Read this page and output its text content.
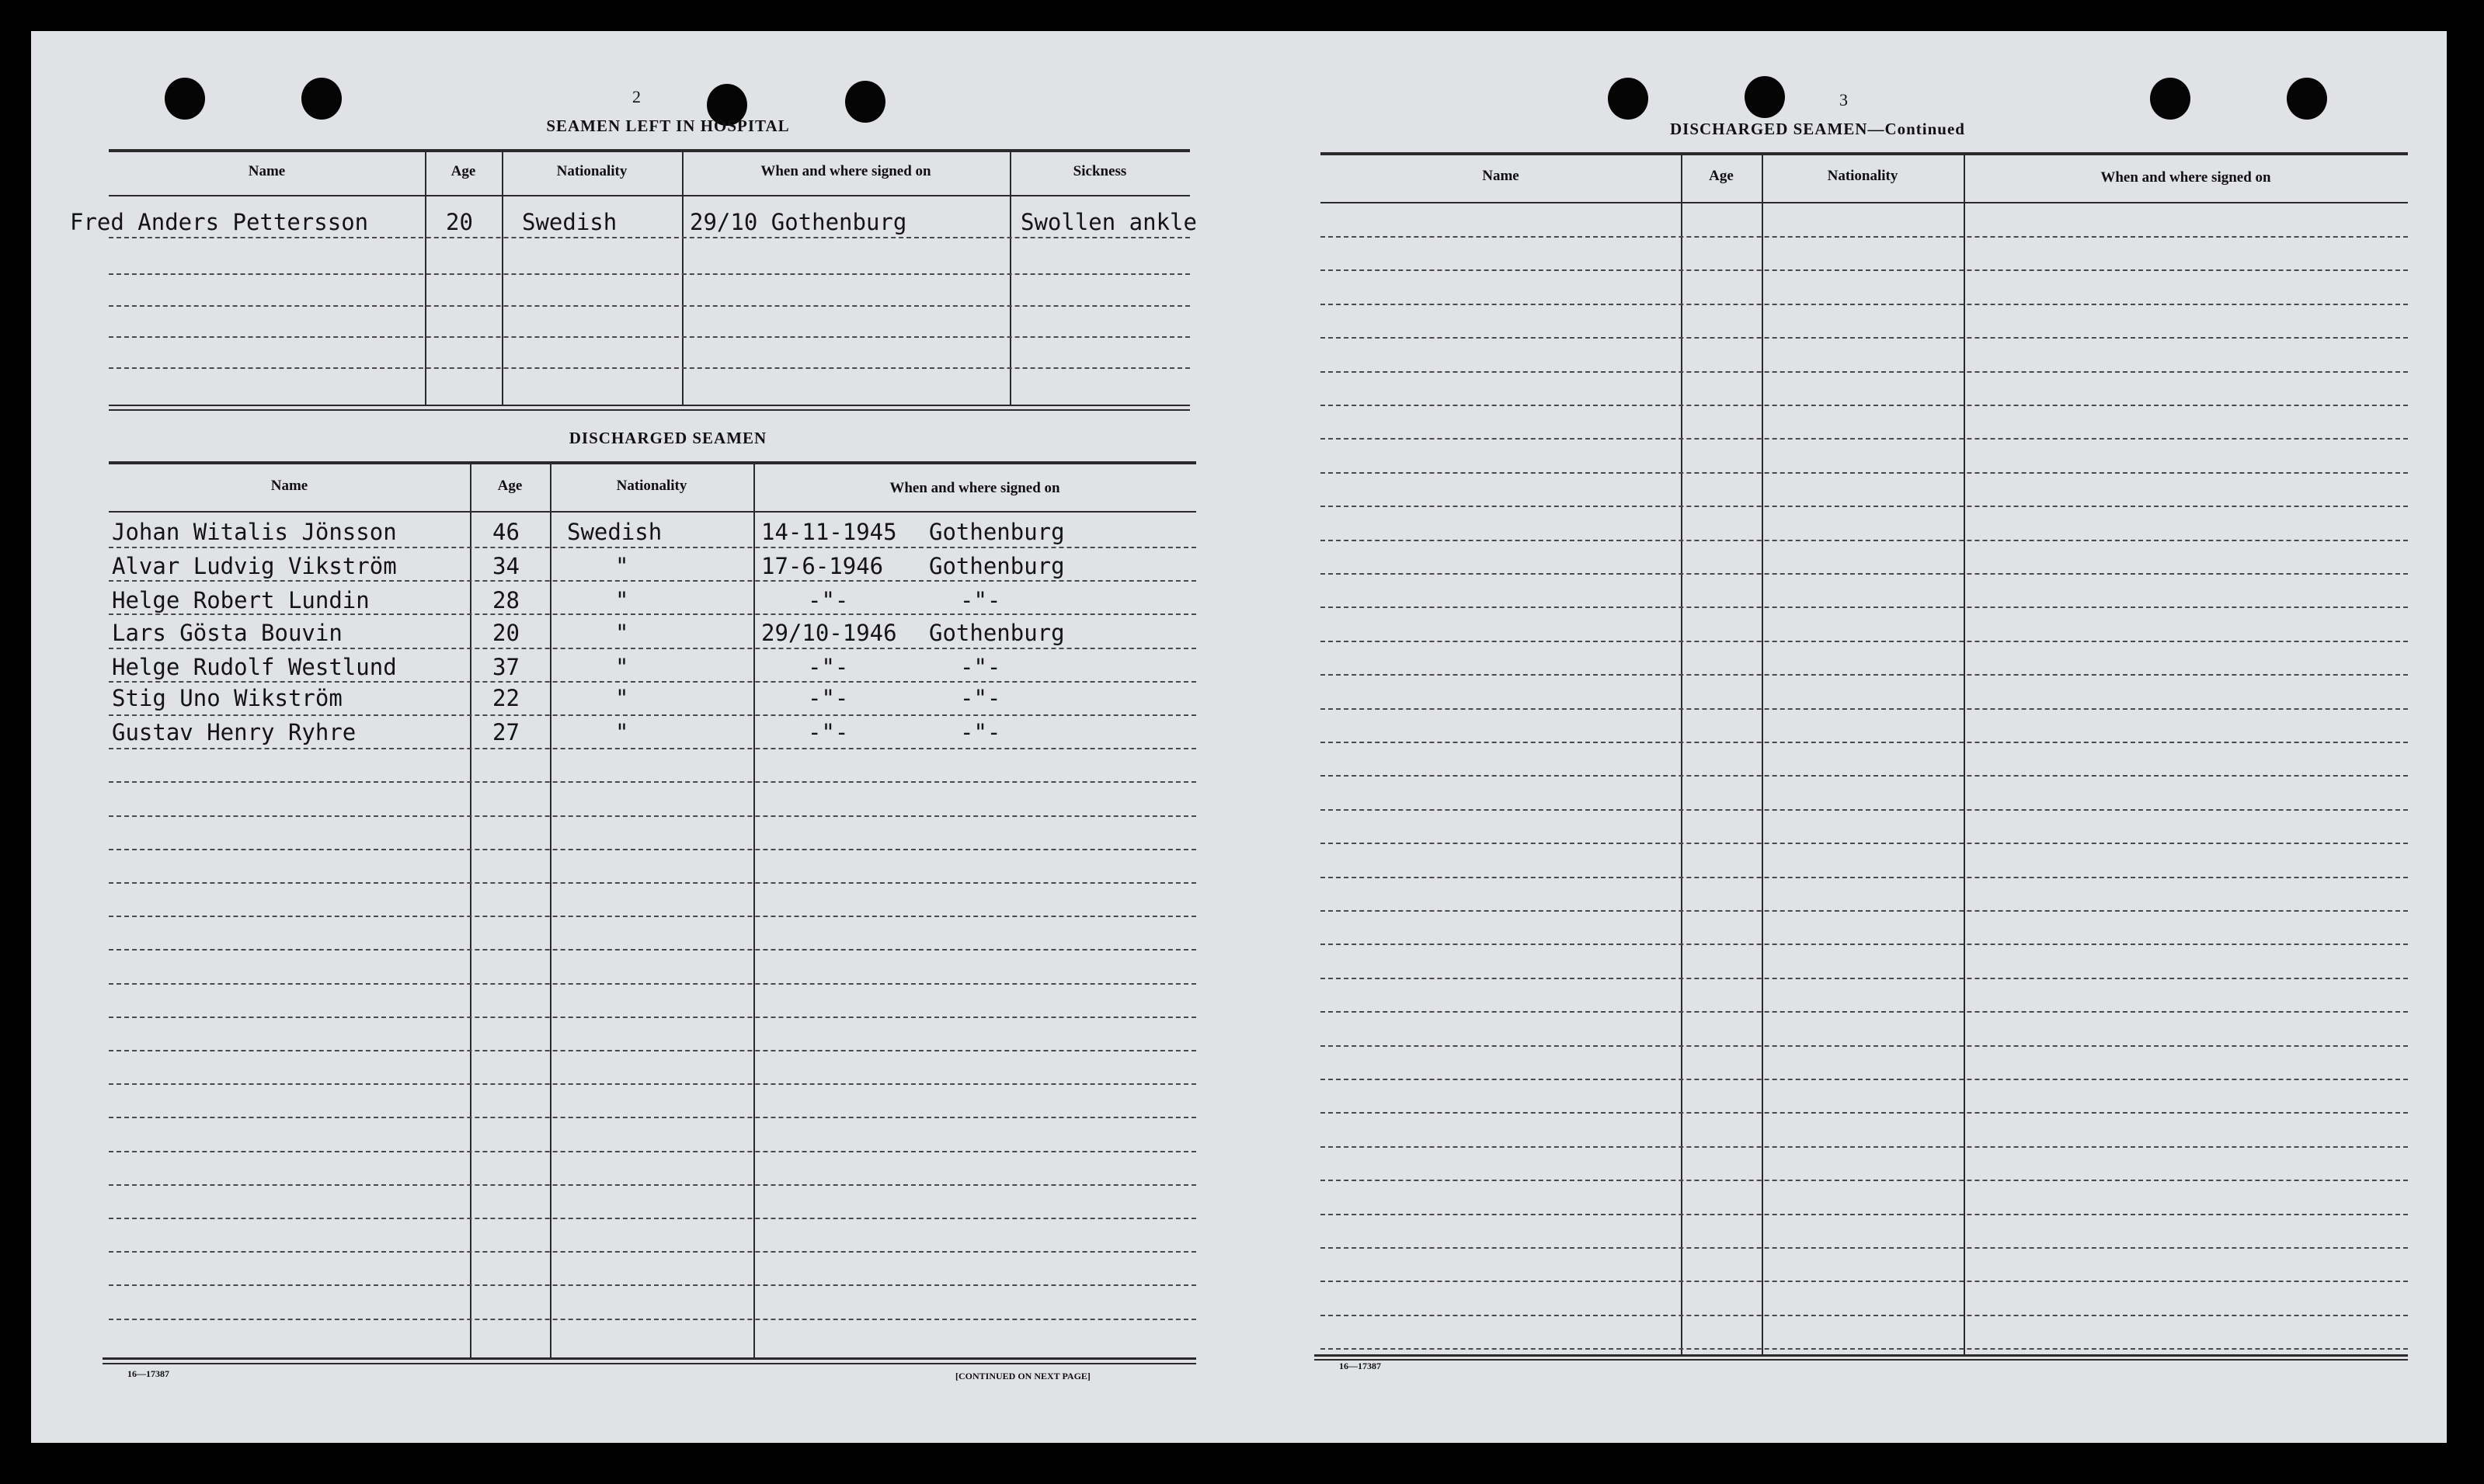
2
SEAMEN LEFT IN HOSPITAL
Name	Age	Nationality	When and where signed on	Sickness
Fred Anders Pettersson	20 Swedish	29/10 Gothenburg	Swollen ankle
DISCHARGED SEAMEN
Name	Age	Nationality	When and where signed on
Johan Witalis Jönsson	46 Swedish	14-11-1945 Gothenburg
Alvar Ludvig Vikström	34	"	17-6-1946 Gothenburg
Helge Robert Lundin	28	"	-"-	-"-
Lars Gösta Bouvin	20	"	29/10-1946 Gothenburg
Helge Rudolf Westlund	37	"	-"-	-"-
Stig Uno Wikström	22	"	-"-	-"-
Gustav Henry Ryhre	27	"	-"-	-"-
16—17387	[CONTINUED ON NEXT PAGE]
3
DISCHARGED SEAMEN—Continued
Name	Age	Nationality	When and where signed on
16—17387
